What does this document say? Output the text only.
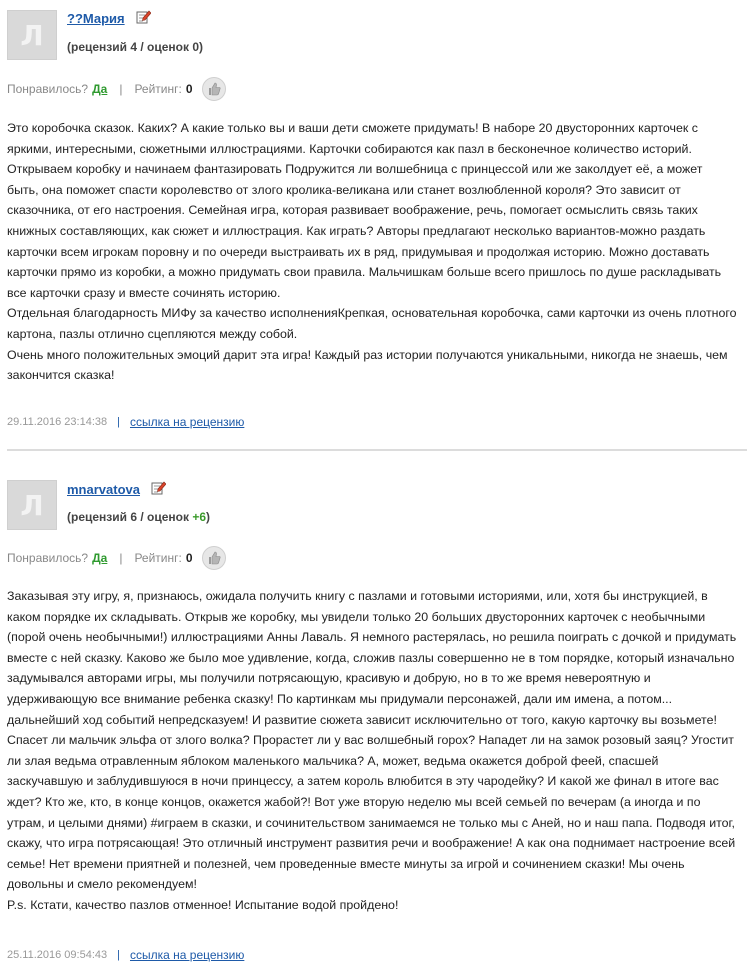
Л ??Мария
(рецензий 4 / оценок 0)
Понравилось? Да | Рейтинг: 0

Это коробочка сказок. Каких? А какие только вы и ваши дети сможете придумать! В наборе 20 двусторонних карточек с яркими, интересными, сюжетными иллюстрациями. Карточки собираются как пазл в бесконечное количество историй. Открываем коробку и начинаем фантазировать Подружится ли волшебница с принцессой или же заколдует её, а может быть, она поможет спасти королевство от злого кролика-великана или станет возлюбленной короля? Это зависит от сказочника, от его настроения. Семейная игра, которая развивает воображение, речь, помогает осмыслить связь таких книжных составляющих, как сюжет и иллюстрация. Как играть? Авторы предлагают несколько вариантов-можно раздать карточки всем игрокам поровну и по очереди выстраивать их в ряд, придумывая и продолжая историю. Можно доставать карточки прямо из коробки, а можно придумать свои правила. Мальчишкам больше всего пришлось по душе раскладывать все карточки сразу и вместе сочинять историю.

Отдельная благодарность МИФу за качество исполненияКрепкая, основательная коробочка, сами карточки из очень плотного картона, пазлы отлично сцепляются между собой.

Очень много положительных эмоций дарит эта игра! Каждый раз истории получаются уникальными, никогда не знаешь, чем закончится сказка!

29.11.2016 23:14:38 | ссылка на рецензию
Л mnarvatova
(рецензий 6 / оценок +6)
Понравилось? Да | Рейтинг: 0

Заказывая эту игру, я, признаюсь, ожидала получить книгу с пазлами и готовыми историями, или, хотя бы инструкцией, в каком порядке их складывать. Открыв же коробку, мы увидели только 20 больших двусторонних карточек с необычными (порой очень необычными!) иллюстрациями Анны Лаваль. Я немного растерялась, но решила поиграть с дочкой и придумать вместе с ней сказку. Каково же было мое удивление, когда, сложив пазлы совершенно не в том порядке, который изначально задумывался авторами игры, мы получили потрясающую, красивую и добрую, но в то же время невероятную и удерживающую все внимание ребенка сказку! По картинкам мы придумали персонажей, дали им имена, а потом... дальнейший ход событий непредсказуем! И развитие сюжета зависит исключительно от того, какую карточку вы возьмете! Спасет ли мальчик эльфа от злого волка? Прорастет ли у вас волшебный горох? Нападет ли на замок розовый заяц? Угостит ли злая ведьма отравленным яблоком маленького мальчика? А, может, ведьма окажется доброй феей, спасшей заскучавшую и заблудившуюся в ночи принцессу, а затем король влюбится в эту чародейку? И какой же финал в итоге вас ждет? Кто же, кто, в конце концов, окажется жабой?! Вот уже вторую неделю мы всей семьей по вечерам (а иногда и по утрам, и целыми днями) #играем в сказки, и сочинительством занимаемся не только мы с Аней, но и наш папа. Подводя итог, скажу, что игра потрясающая! Это отличный инструмент развития речи и воображение! А как она поднимает настроение всей семье! Нет времени приятней и полезней, чем проведенные вместе минуты за игрой и сочинением сказки! Мы очень довольны и смело рекомендуем!

P.s. Кстати, качество пазлов отменное! Испытание водой пройдено!

25.11.2016 09:54:43 | ссылка на рецензию
